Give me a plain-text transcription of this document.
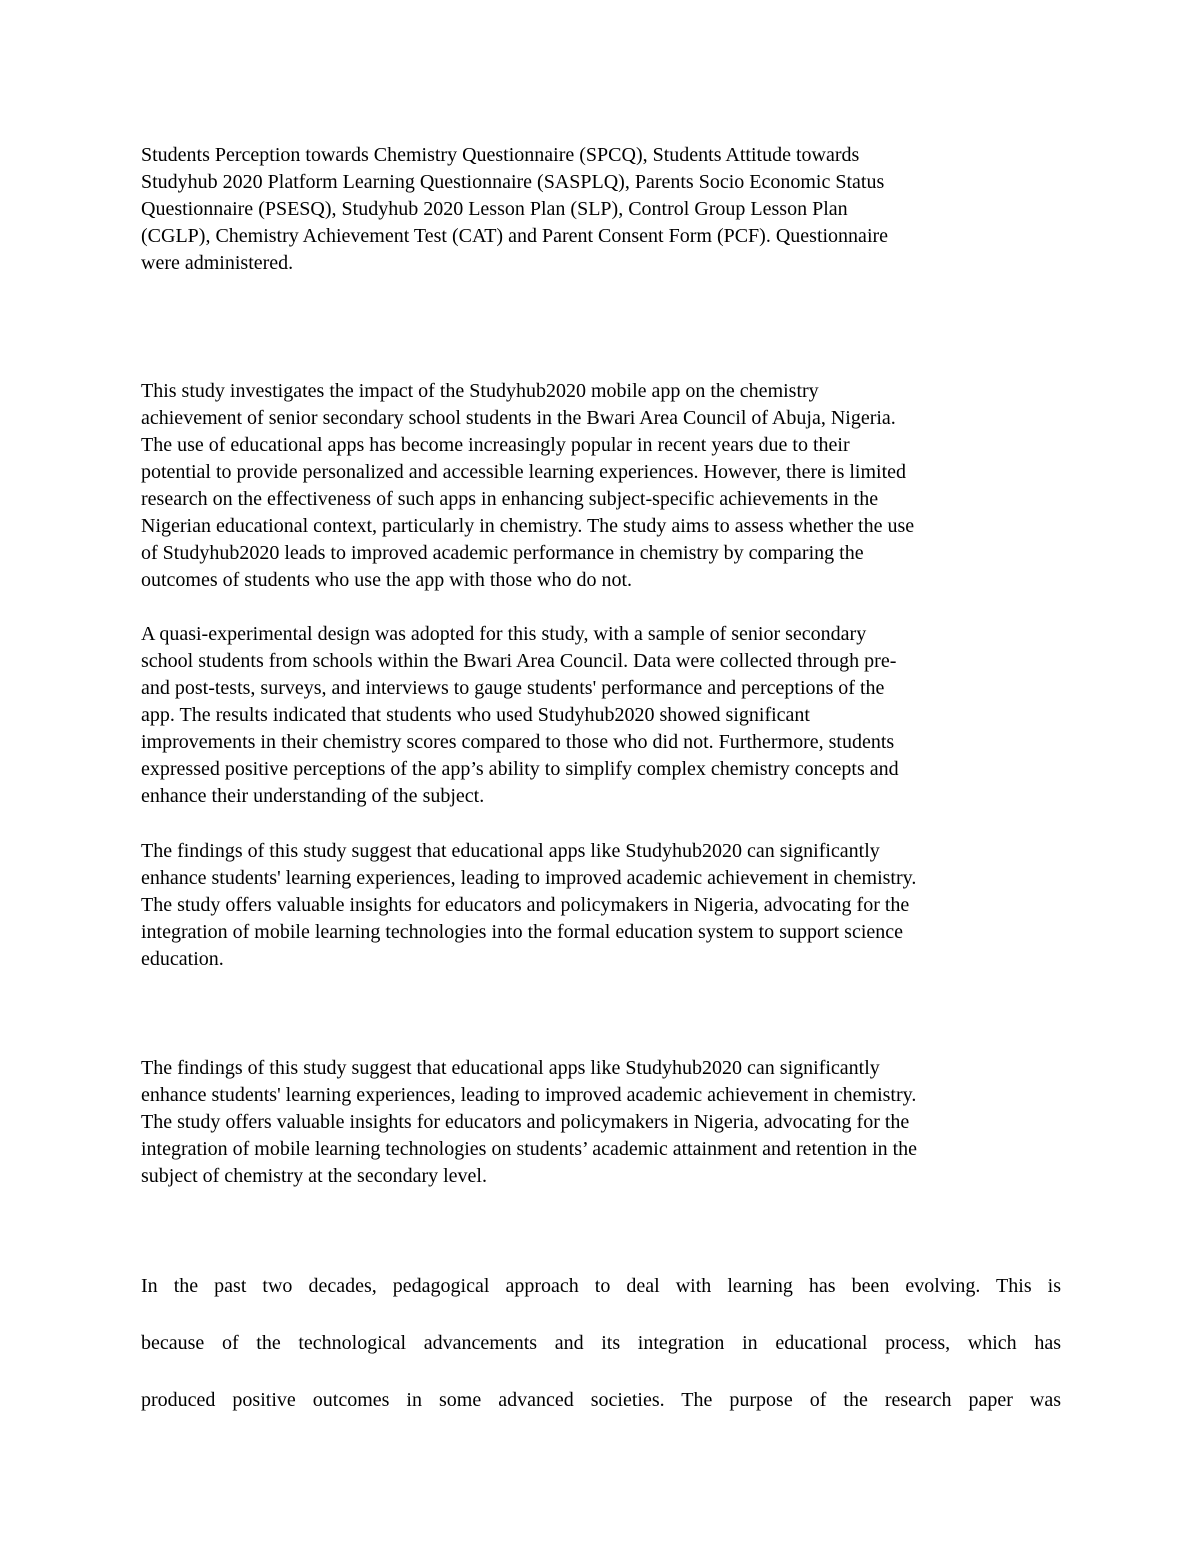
Students Perception towards Chemistry Questionnaire (SPCQ), Students Attitude towards
Studyhub 2020 Platform Learning Questionnaire (SASPLQ), Parents Socio Economic Status
Questionnaire (PSESQ), Studyhub 2020 Lesson Plan (SLP), Control Group Lesson Plan
(CGLP), Chemistry Achievement Test (CAT) and Parent Consent Form (PCF). Questionnaire
were administered.
This study investigates the impact of the Studyhub2020 mobile app on the chemistry
achievement of senior secondary school students in the Bwari Area Council of Abuja, Nigeria.
The use of educational apps has become increasingly popular in recent years due to their
potential to provide personalized and accessible learning experiences. However, there is limited
research on the effectiveness of such apps in enhancing subject-specific achievements in the
Nigerian educational context, particularly in chemistry. The study aims to assess whether the use
of Studyhub2020 leads to improved academic performance in chemistry by comparing the
outcomes of students who use the app with those who do not.
A quasi-experimental design was adopted for this study, with a sample of senior secondary
school students from schools within the Bwari Area Council. Data were collected through pre-
and post-tests, surveys, and interviews to gauge students' performance and perceptions of the
app. The results indicated that students who used Studyhub2020 showed significant
improvements in their chemistry scores compared to those who did not. Furthermore, students
expressed positive perceptions of the app’s ability to simplify complex chemistry concepts and
enhance their understanding of the subject.
The findings of this study suggest that educational apps like Studyhub2020 can significantly
enhance students' learning experiences, leading to improved academic achievement in chemistry.
The study offers valuable insights for educators and policymakers in Nigeria, advocating for the
integration of mobile learning technologies into the formal education system to support science
education.
The findings of this study suggest that educational apps like Studyhub2020 can significantly
enhance students' learning experiences, leading to improved academic achievement in chemistry.
The study offers valuable insights for educators and policymakers in Nigeria, advocating for the
integration of mobile learning technologies on students’ academic attainment and retention in the
subject of chemistry at the secondary level.
In the past two decades, pedagogical approach to deal with learning has been evolving. This is
because of the technological advancements and its integration in educational process, which has
produced positive outcomes in some advanced societies. The purpose of the research paper was
